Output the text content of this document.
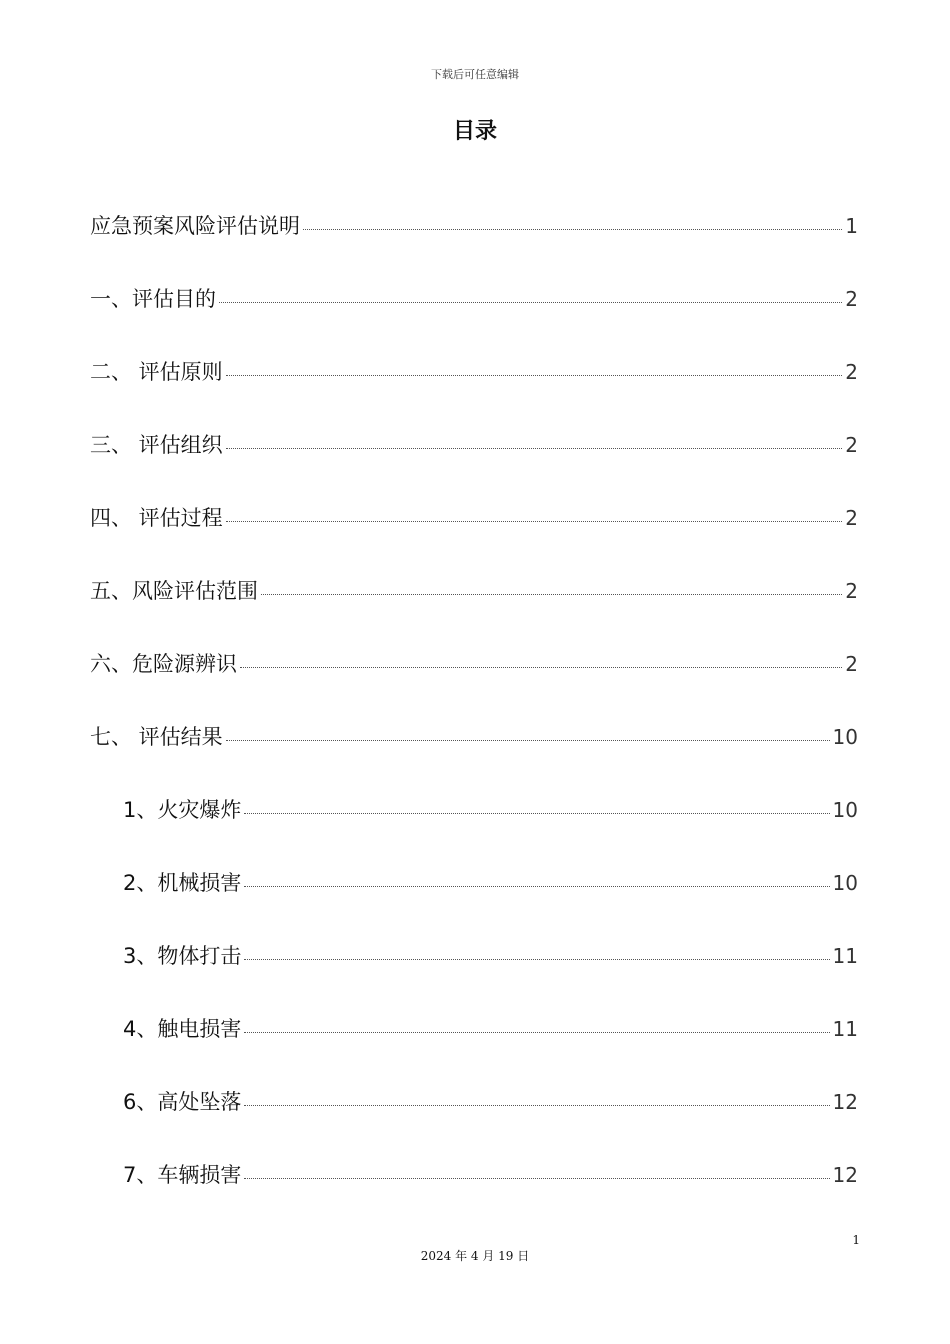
下载后可任意编辑
目录
应急预案风险评估说明	1
一、评估目的	2
二、 评估原则	2
三、 评估组织	2
四、 评估过程	2
五、风险评估范围	2
六、危险源辨识	2
七、 评估结果	10
1、火灾爆炸	10
2、机械损害	10
3、物体打击	11
4、触电损害	11
6、高处坠落	12
7、车辆损害	12
1
2024 年 4 月 19 日
